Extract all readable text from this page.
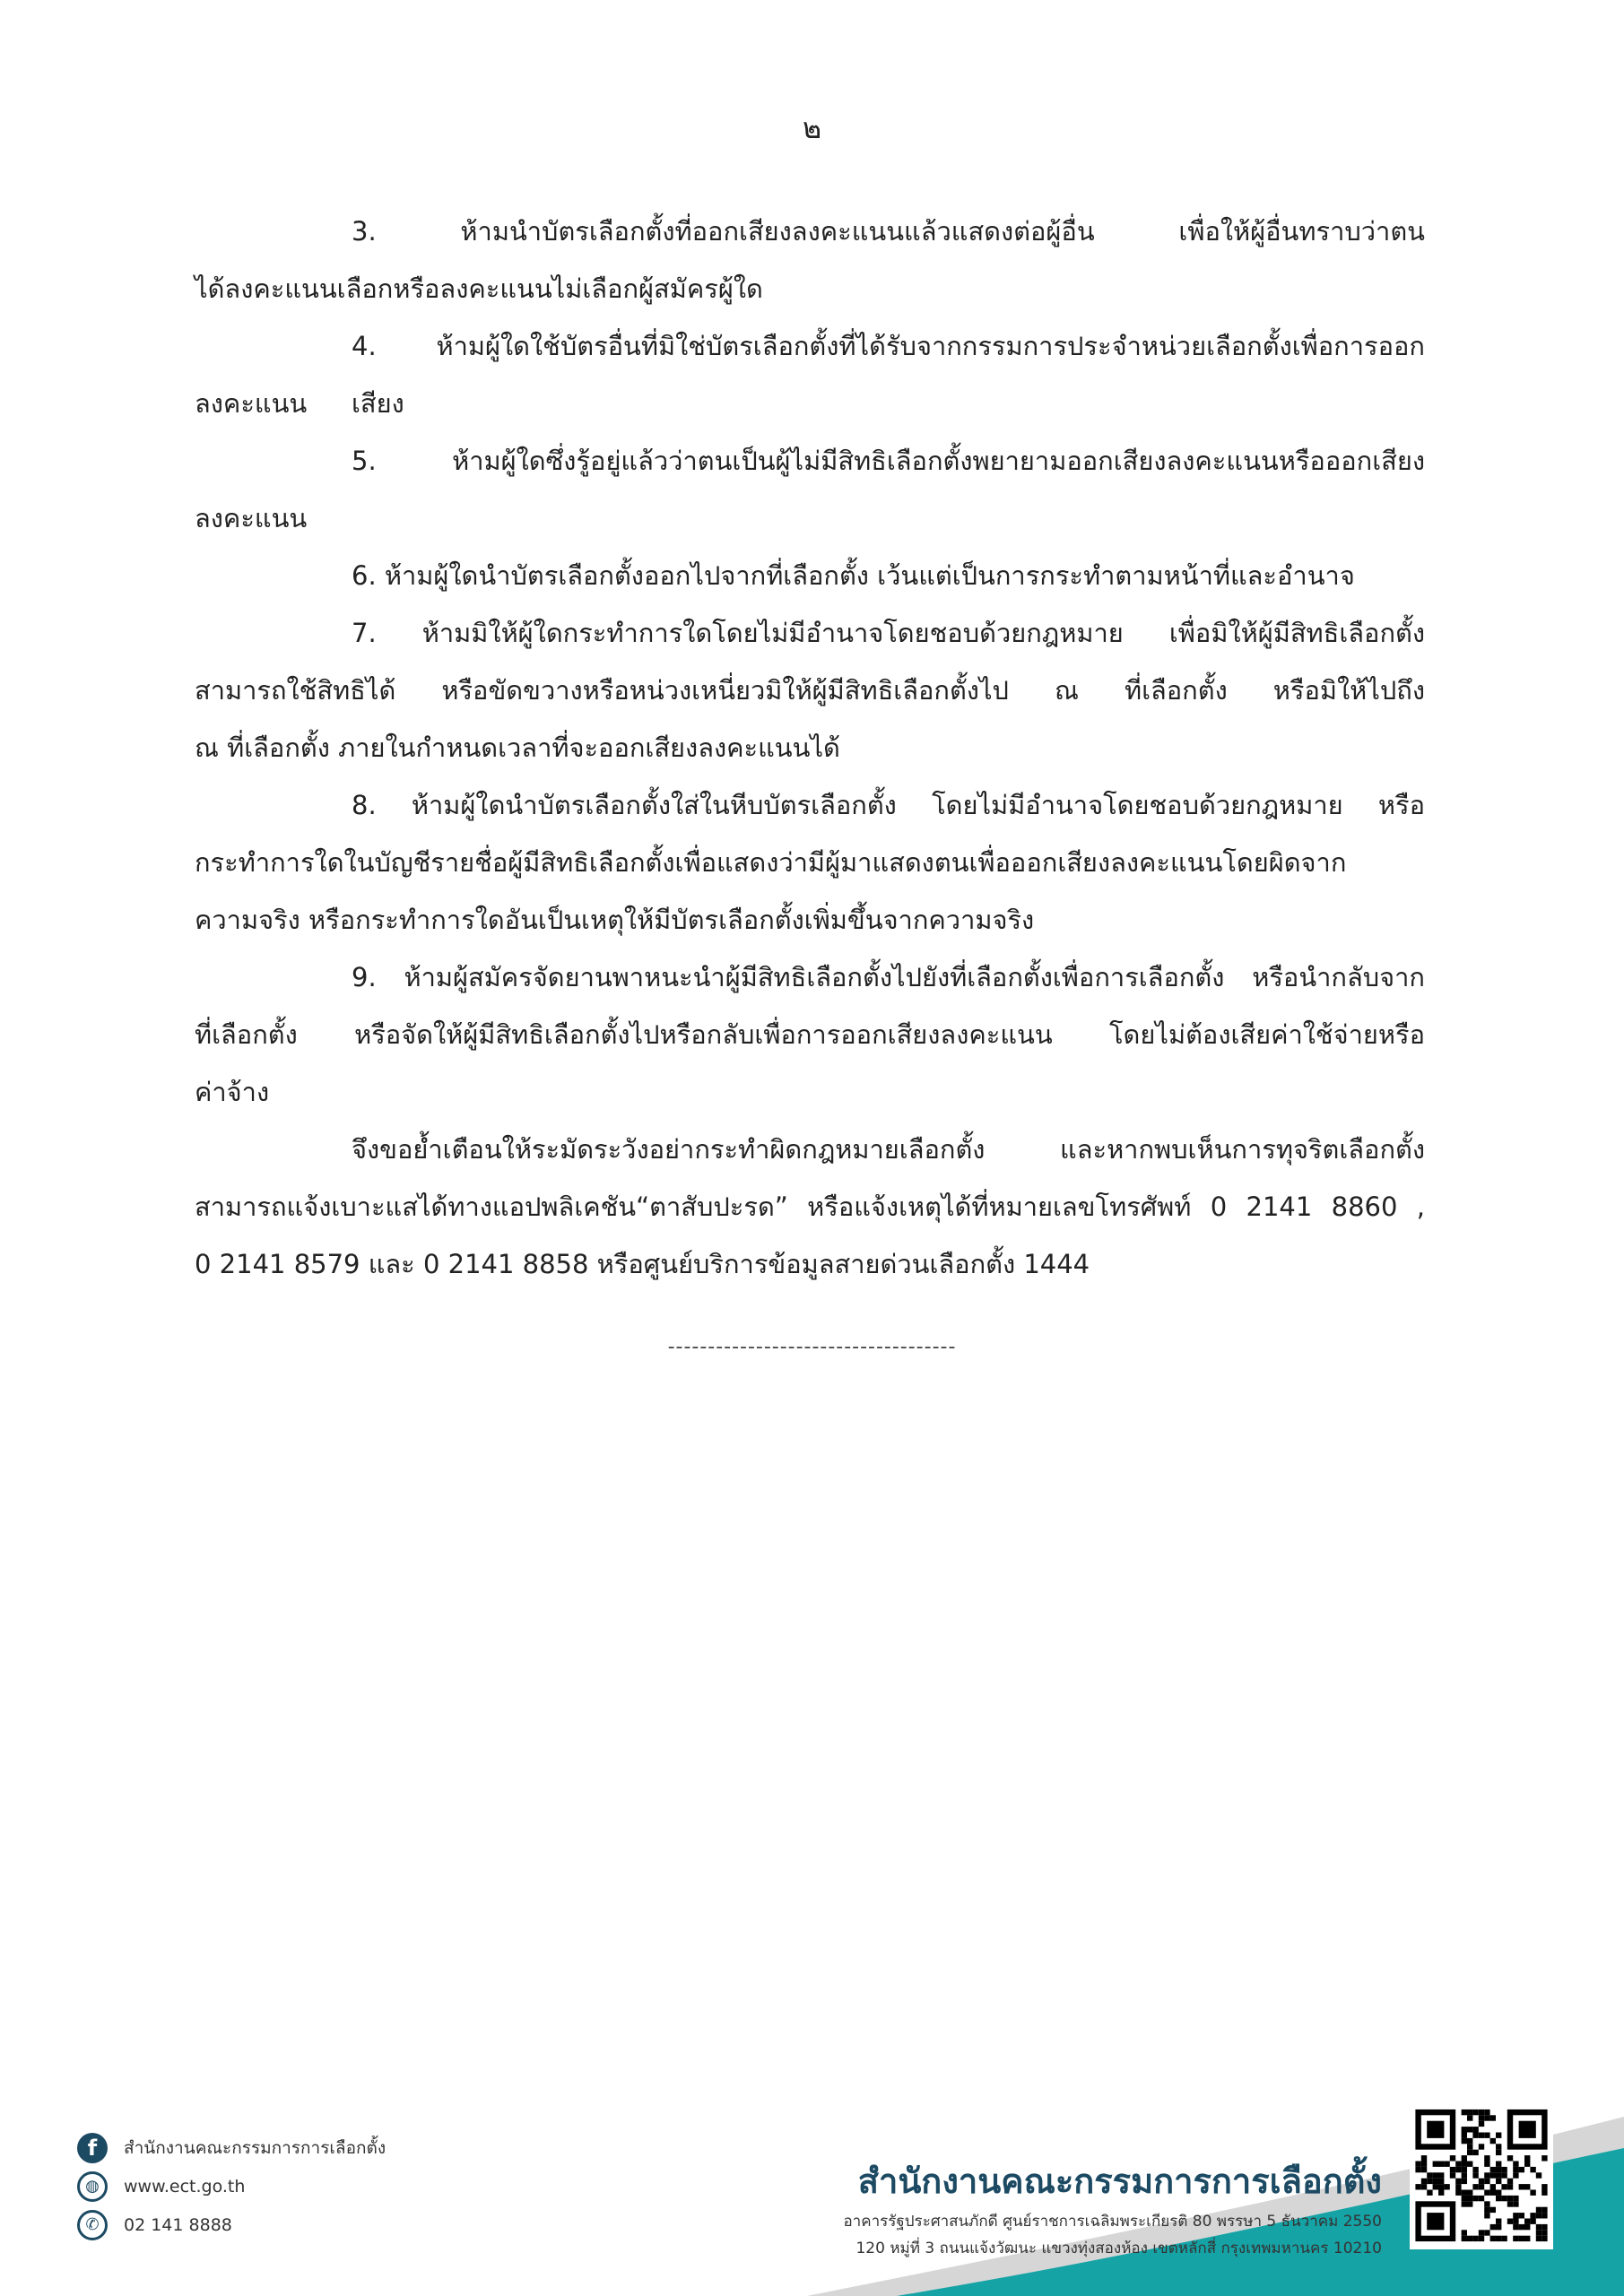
๒
3. ห้ามนำบัตรเลือกตั้งที่ออกเสียงลงคะแนนแล้วแสดงต่อผู้อื่น เพื่อให้ผู้อื่นทราบว่าตน
ได้ลงคะแนนเลือกหรือลงคะแนนไม่เลือกผู้สมัครผู้ใด
4. ห้ามผู้ใดใช้บัตรอื่นที่มิใช่บัตรเลือกตั้งที่ได้รับจากกรรมการประจำหน่วยเลือกตั้งเพื่อการออกเสียง
ลงคะแนน
5. ห้ามผู้ใดซึ่งรู้อยู่แล้วว่าตนเป็นผู้ไม่มีสิทธิเลือกตั้งพยายามออกเสียงลงคะแนนหรือออกเสียง
ลงคะแนน
6. ห้ามผู้ใดนำบัตรเลือกตั้งออกไปจากที่เลือกตั้ง เว้นแต่เป็นการกระทำตามหน้าที่และอำนาจ
7. ห้ามมิให้ผู้ใดกระทำการใดโดยไม่มีอำนาจโดยชอบด้วยกฎหมาย เพื่อมิให้ผู้มีสิทธิเลือกตั้ง
สามารถใช้สิทธิได้ หรือขัดขวางหรือหน่วงเหนี่ยวมิให้ผู้มีสิทธิเลือกตั้งไป ณ ที่เลือกตั้ง หรือมิให้ไปถึง
ณ ที่เลือกตั้ง ภายในกำหนดเวลาที่จะออกเสียงลงคะแนนได้
8. ห้ามผู้ใดนำบัตรเลือกตั้งใส่ในหีบบัตรเลือกตั้ง โดยไม่มีอำนาจโดยชอบด้วยกฎหมาย หรือ
กระทำการใดในบัญชีรายชื่อผู้มีสิทธิเลือกตั้งเพื่อแสดงว่ามีผู้มาแสดงตนเพื่อออกเสียงลงคะแนนโดยผิดจาก
ความจริง หรือกระทำการใดอันเป็นเหตุให้มีบัตรเลือกตั้งเพิ่มขึ้นจากความจริง
9. ห้ามผู้สมัครจัดยานพาหนะนำผู้มีสิทธิเลือกตั้งไปยังที่เลือกตั้งเพื่อการเลือกตั้ง หรือนำกลับจาก
ที่เลือกตั้ง หรือจัดให้ผู้มีสิทธิเลือกตั้งไปหรือกลับเพื่อการออกเสียงลงคะแนน โดยไม่ต้องเสียค่าใช้จ่ายหรือ
ค่าจ้าง
จึงขอย้ำเตือนให้ระมัดระวังอย่ากระทำผิดกฎหมายเลือกตั้ง และหากพบเห็นการทุจริตเลือกตั้ง
สามารถแจ้งเบาะแสได้ทางแอปพลิเคชัน“ตาสับปะรด” หรือแจ้งเหตุได้ที่หมายเลขโทรศัพท์ 0 2141 8860 ,
0 2141 8579 และ 0 2141 8858 หรือศูนย์บริการข้อมูลสายด่วนเลือกตั้ง 1444
f	สำนักงานคณะกรรมการการเลือกตั้ง
◍	www.ect.go.th
✆	02 141 8888
สำนักงานคณะกรรมการการเลือกตั้ง
อาคารรัฐประศาสนภักดี ศูนย์ราชการเฉลิมพระเกียรติ 80 พรรษา 5 ธันวาคม 2550
120 หมู่ที่ 3 ถนนแจ้งวัฒนะ แขวงทุ่งสองห้อง เขตหลักสี่ กรุงเทพมหานคร 10210
------------------------------------
